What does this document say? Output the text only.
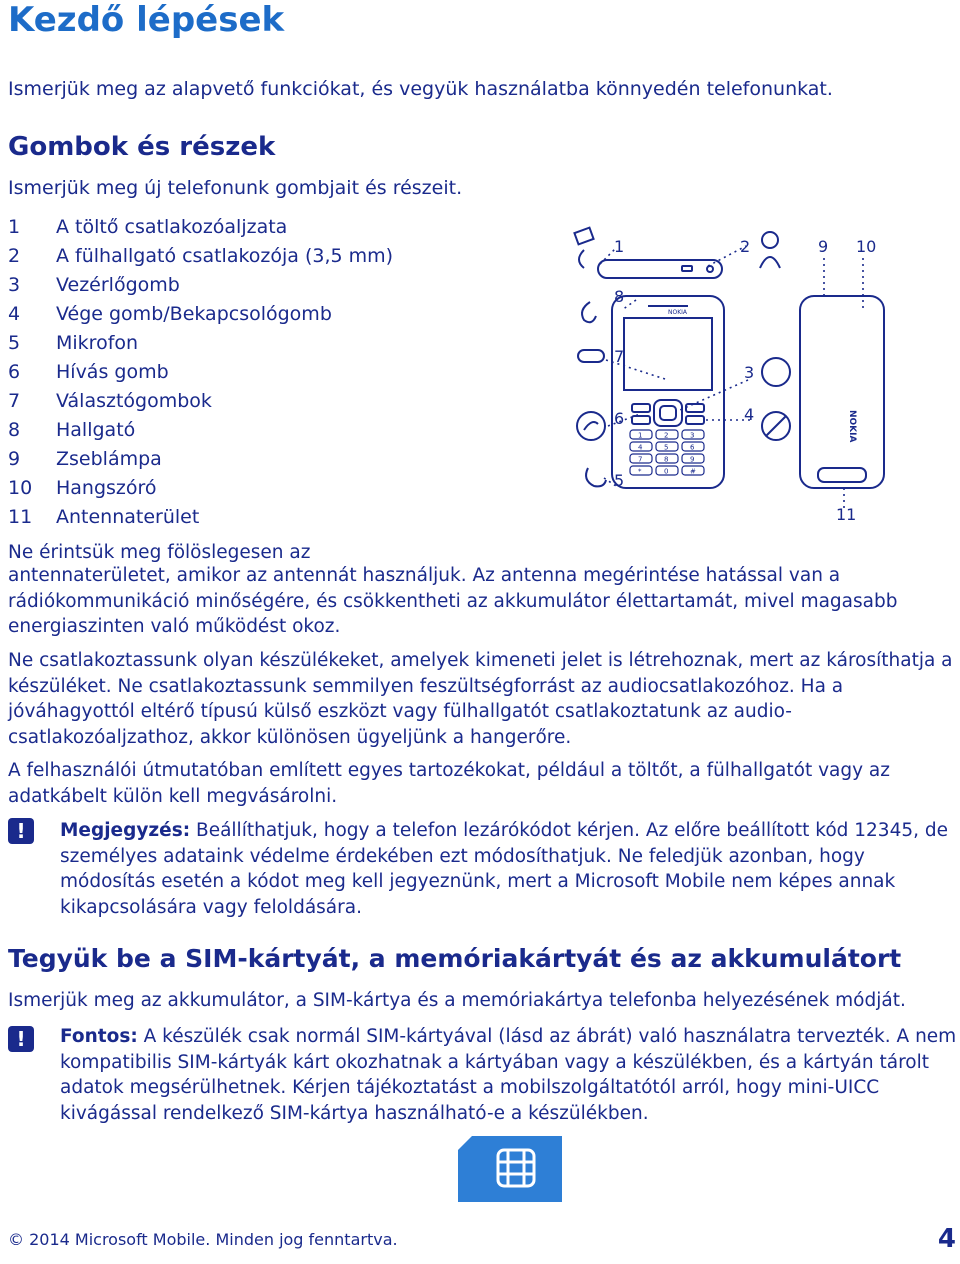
Kezdő lépések
Ismerjük meg az alapvető funkciókat, és vegyük használatba könnyedén telefonunkat.
Gombok és részek
Ismerjük meg új telefonunk gombjait és részeit.
1	A töltő csatlakozóaljzata
2	A fülhallgató csatlakozója (3,5 mm)
3	Vezérlőgomb
4	Vége gomb/Bekapcsológomb
5	Mikrofon
6	Hívás gomb
7	Választógombok
8	Hallgató
9	Zseblámpa
10	Hangszóró
11	Antennaterület
1	2
3
4
5
6
7
8
9 10
11
NOKIA
NOKIA
1	2	3
4	5	6
7	8	9
*	0	#

Ne érintsük meg fölöslegesen az

antennaterületet, amikor az antennát használjuk. Az antenna megérintése hatással van a rádiókommunikáció minőségére, és csökkentheti az akkumulátor élettartamát, mivel magasabb energiaszinten való működést okoz.

Ne csatlakoztassunk olyan készülékeket, amelyek kimeneti jelet is létrehoznak, mert az károsíthatja a készüléket. Ne csatlakoztassunk semmilyen feszültségforrást az audiocsatlakozóhoz. Ha a jóváhagyottól eltérő típusú külső eszközt vagy fülhallgatót csatlakoztatunk az audio-csatlakozóaljzathoz, akkor különösen ügyeljünk a hangerőre.

A felhasználói útmutatóban említett egyes tartozékokat, például a töltőt, a fülhallgatót vagy az adatkábelt külön kell megvásárolni.

!	Megjegyzés: Beállíthatjuk, hogy a telefon lezárókódot kérjen. Az előre beállított kód 12345, de személyes adataink védelme érdekében ezt módosíthatjuk. Ne feledjük azonban, hogy módosítás esetén a kódot meg kell jegyeznünk, mert a Microsoft Mobile nem képes annak kikapcsolására vagy feloldására.

Tegyük be a SIM-kártyát, a memóriakártyát és az akkumulátort
Ismerjük meg az akkumulátor, a SIM-kártya és a memóriakártya telefonba helyezésének módját.
!	Fontos: A készülék csak normál SIM-kártyával (lásd az ábrát) való használatra tervezték. A nem kompatibilis SIM-kártyák kárt okozhatnak a kártyában vagy a készülékben, és a kártyán tárolt adatok megsérülhetnek. Kérjen tájékoztatást a mobilszolgáltatótól arról, hogy mini-UICC kivágással rendelkező SIM-kártya használható-e a készülékben.

© 2014 Microsoft Mobile. Minden jog fenntartva.	4
